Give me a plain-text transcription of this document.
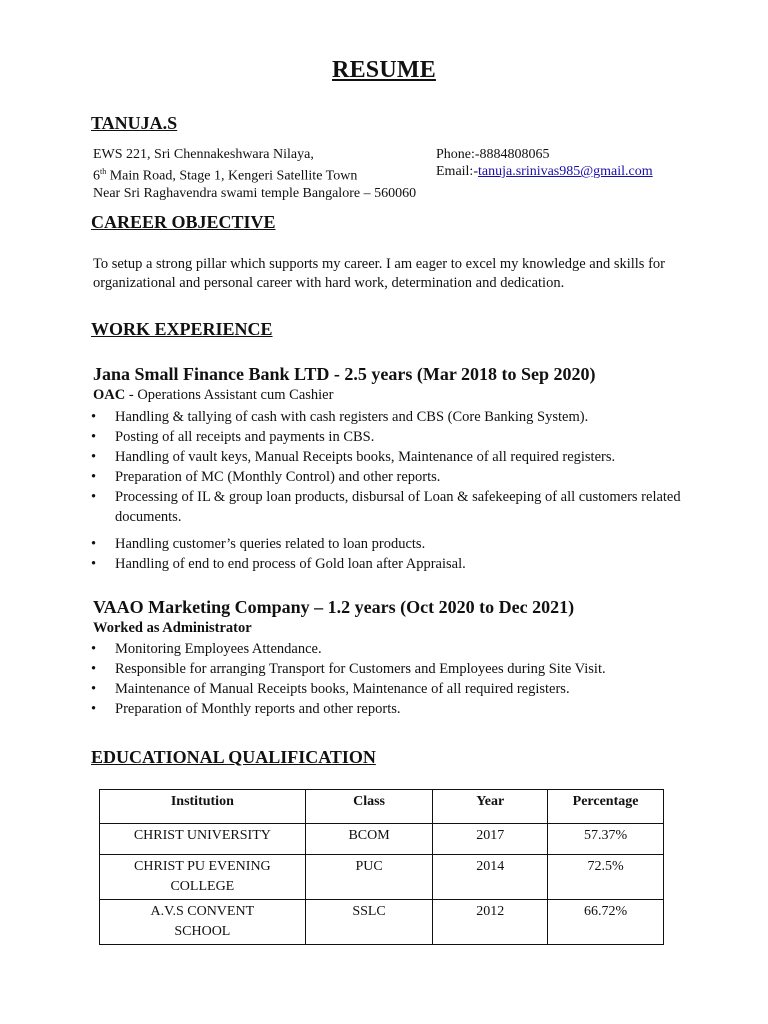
RESUME
TANUJA.S
EWS 221, Sri Chennakeshwara Nilaya,
6th Main Road, Stage 1, Kengeri Satellite Town
Near Sri Raghavendra swami temple Bangalore – 560060
Phone:-8884808065
Email:-tanuja.srinivas985@gmail.com
CAREER OBJECTIVE
To setup a strong pillar which supports my career. I am eager to excel my knowledge and skills for organizational and personal career with hard work, determination and dedication.
WORK EXPERIENCE
Jana Small Finance Bank LTD - 2.5 years (Mar 2018 to Sep 2020)
OAC - Operations Assistant cum Cashier
• Handling & tallying of cash with cash registers and CBS (Core Banking System).
• Posting of all receipts and payments in CBS.
• Handling of vault keys, Manual Receipts books, Maintenance of all required registers.
• Preparation of MC (Monthly Control) and other reports.
• Processing of IL & group loan products, disbursal of Loan & safekeeping of all customers related documents.
• Handling customer’s queries related to loan products.
• Handling of end to end process of Gold loan after Appraisal.
VAAO Marketing Company – 1.2 years (Oct 2020 to Dec 2021)
Worked as Administrator
• Monitoring Employees Attendance.
• Responsible for arranging Transport for Customers and Employees during Site Visit.
• Maintenance of Manual Receipts books, Maintenance of all required registers.
• Preparation of Monthly reports and other reports.
EDUCATIONAL QUALIFICATION
Institution	Class	Year	Percentage
CHRIST UNIVERSITY	BCOM	2017	57.37%
CHRIST PU EVENING COLLEGE	PUC	2014	72.5%
A.V.S CONVENT SCHOOL	SSLC	2012	66.72%
